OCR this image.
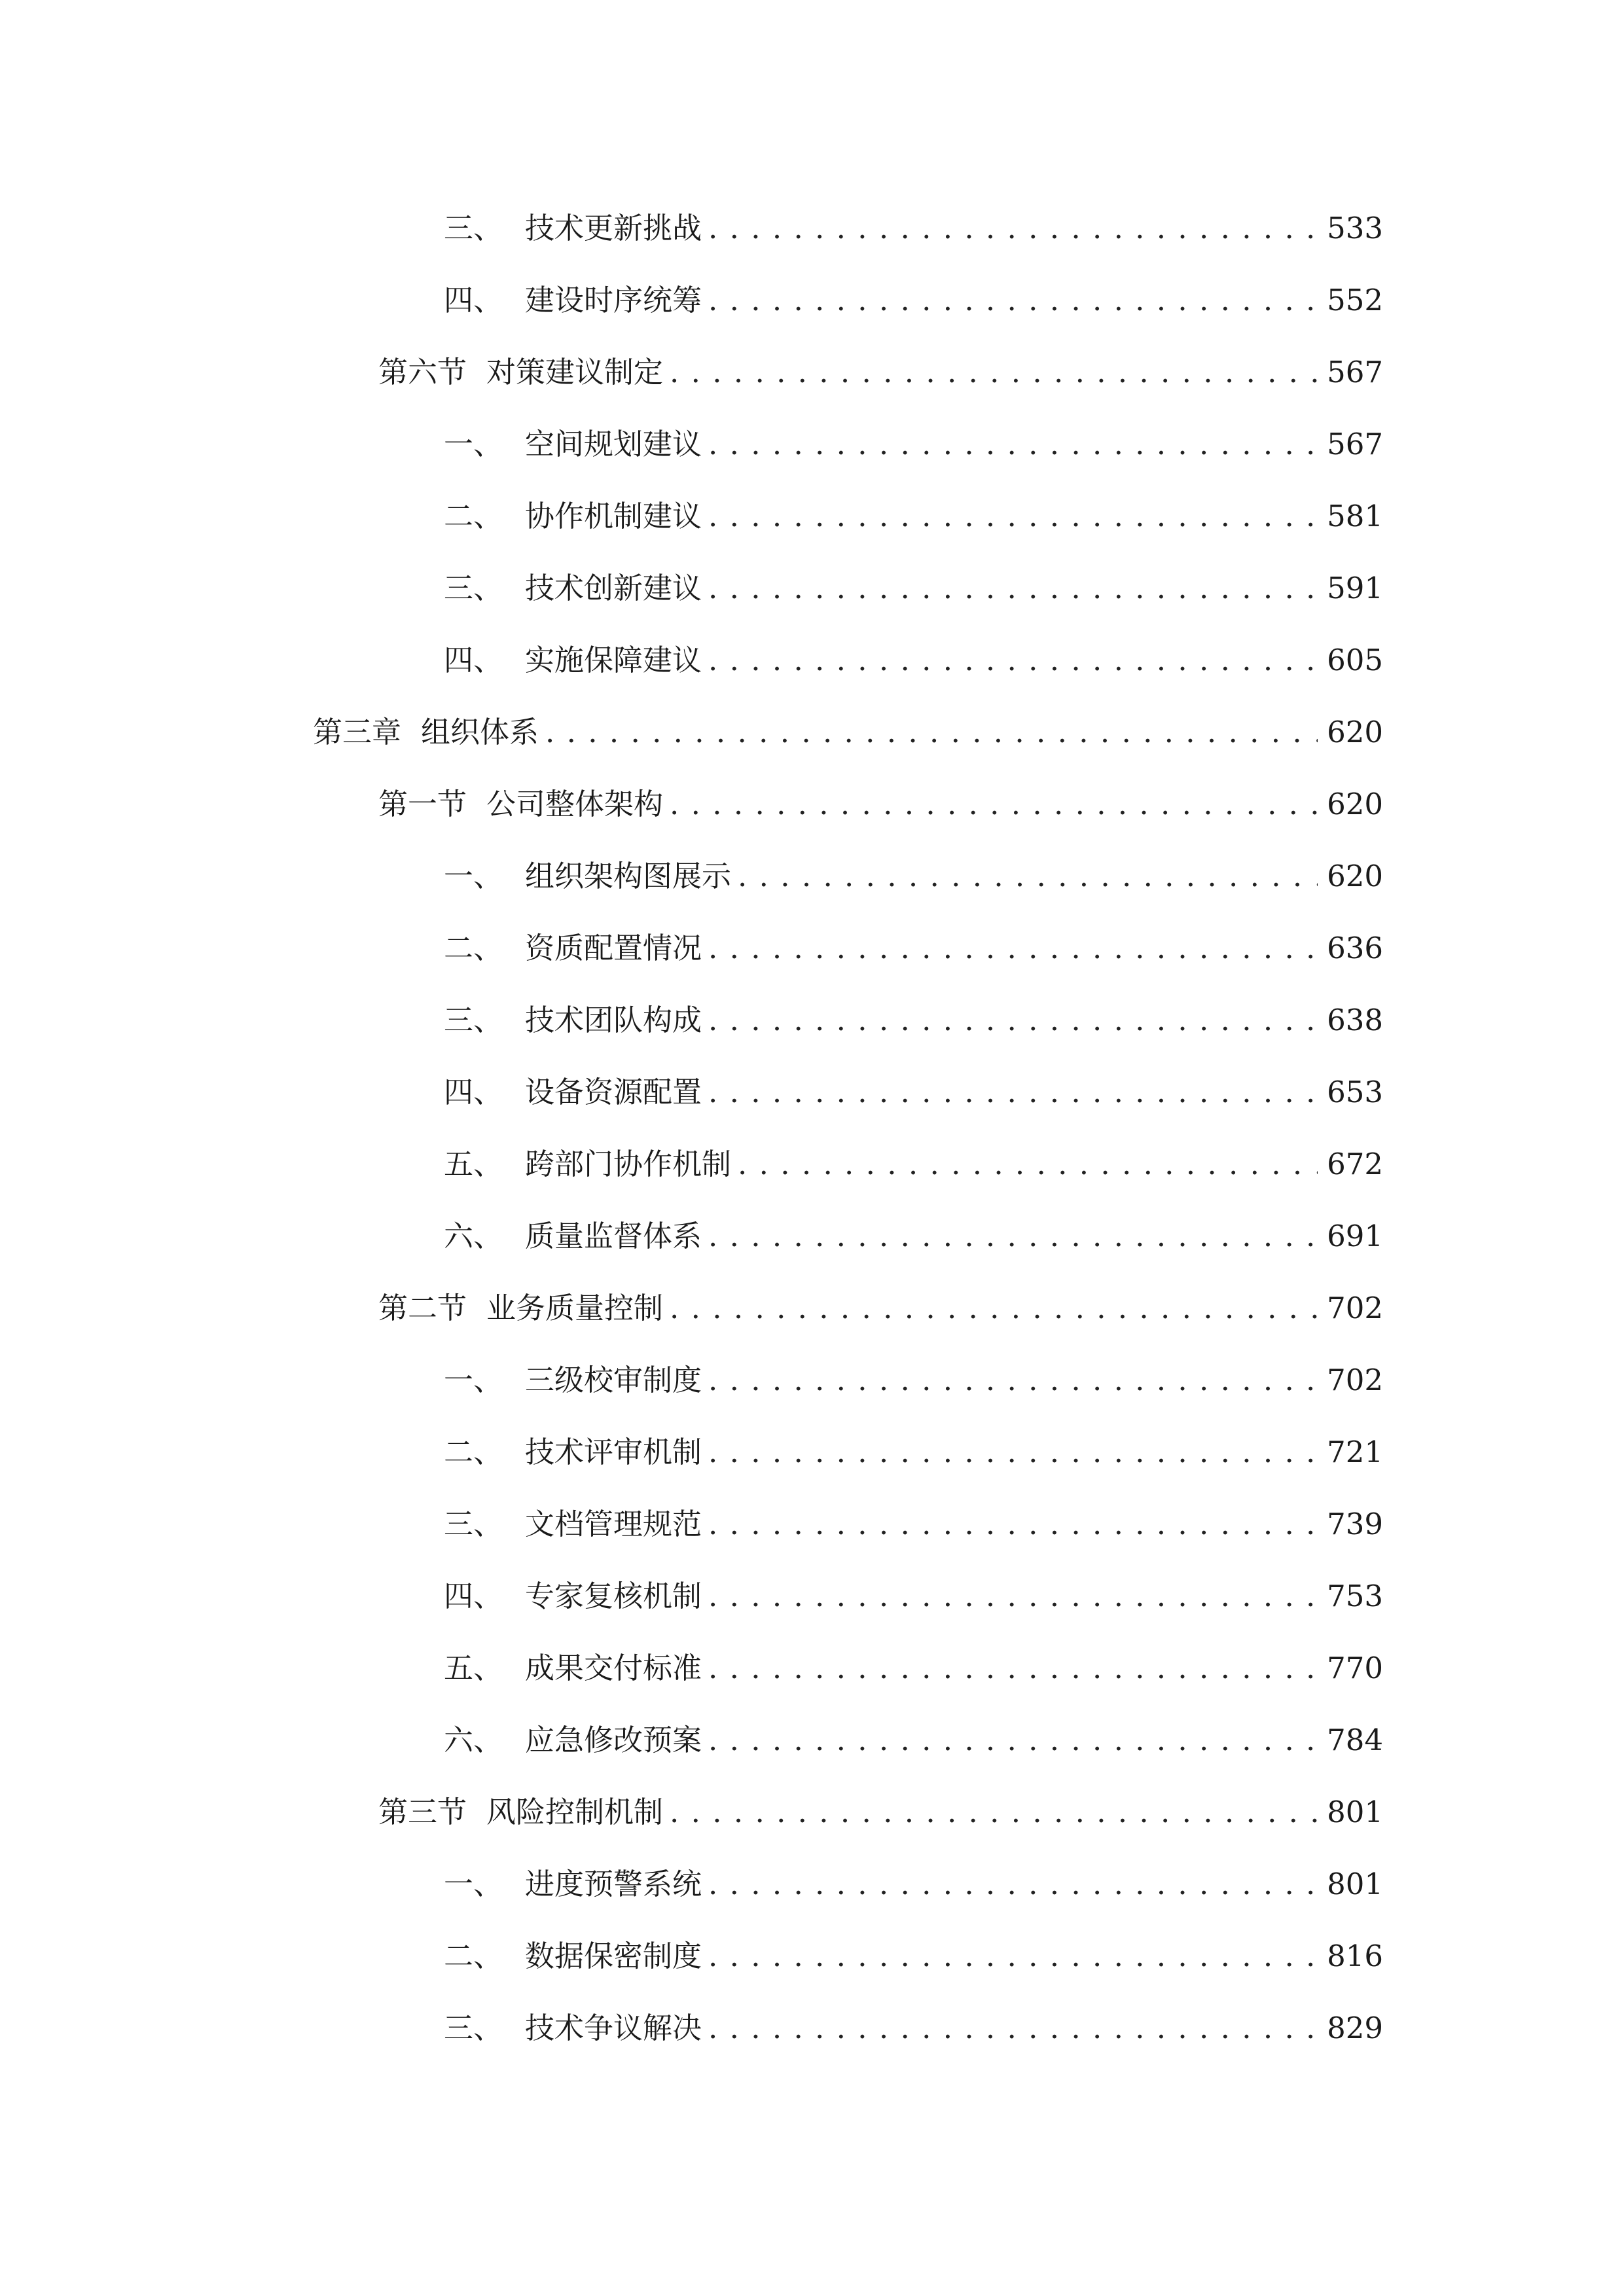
三、 技术更新挑战 . . .	533
四、 建设时序统筹 . . .	552
第六节 对策建议制定 . . .	567
一、 空间规划建议 . . .	567
二、 协作机制建议 . . .	581
三、 技术创新建议 . . .	591
四、 实施保障建议 . . .	605
第三章 组织体系 . . .	620
第一节 公司整体架构 . . .	620
一、 组织架构图展示 . . .	620
二、 资质配置情况 . . .	636
三、 技术团队构成 . . .	638
四、 设备资源配置 . . .	653
五、 跨部门协作机制 . . .	672
六、 质量监督体系 . . .	691
第二节 业务质量控制 . . .	702
一、 三级校审制度 . . .	702
二、 技术评审机制 . . .	721
三、 文档管理规范 . . .	739
四、 专家复核机制 . . .	753
五、 成果交付标准 . . .	770
六、 应急修改预案 . . .	784
第三节 风险控制机制 . . .	801
一、 进度预警系统 . . .	801
二、 数据保密制度 . . .	816
三、 技术争议解决 . . .	829
